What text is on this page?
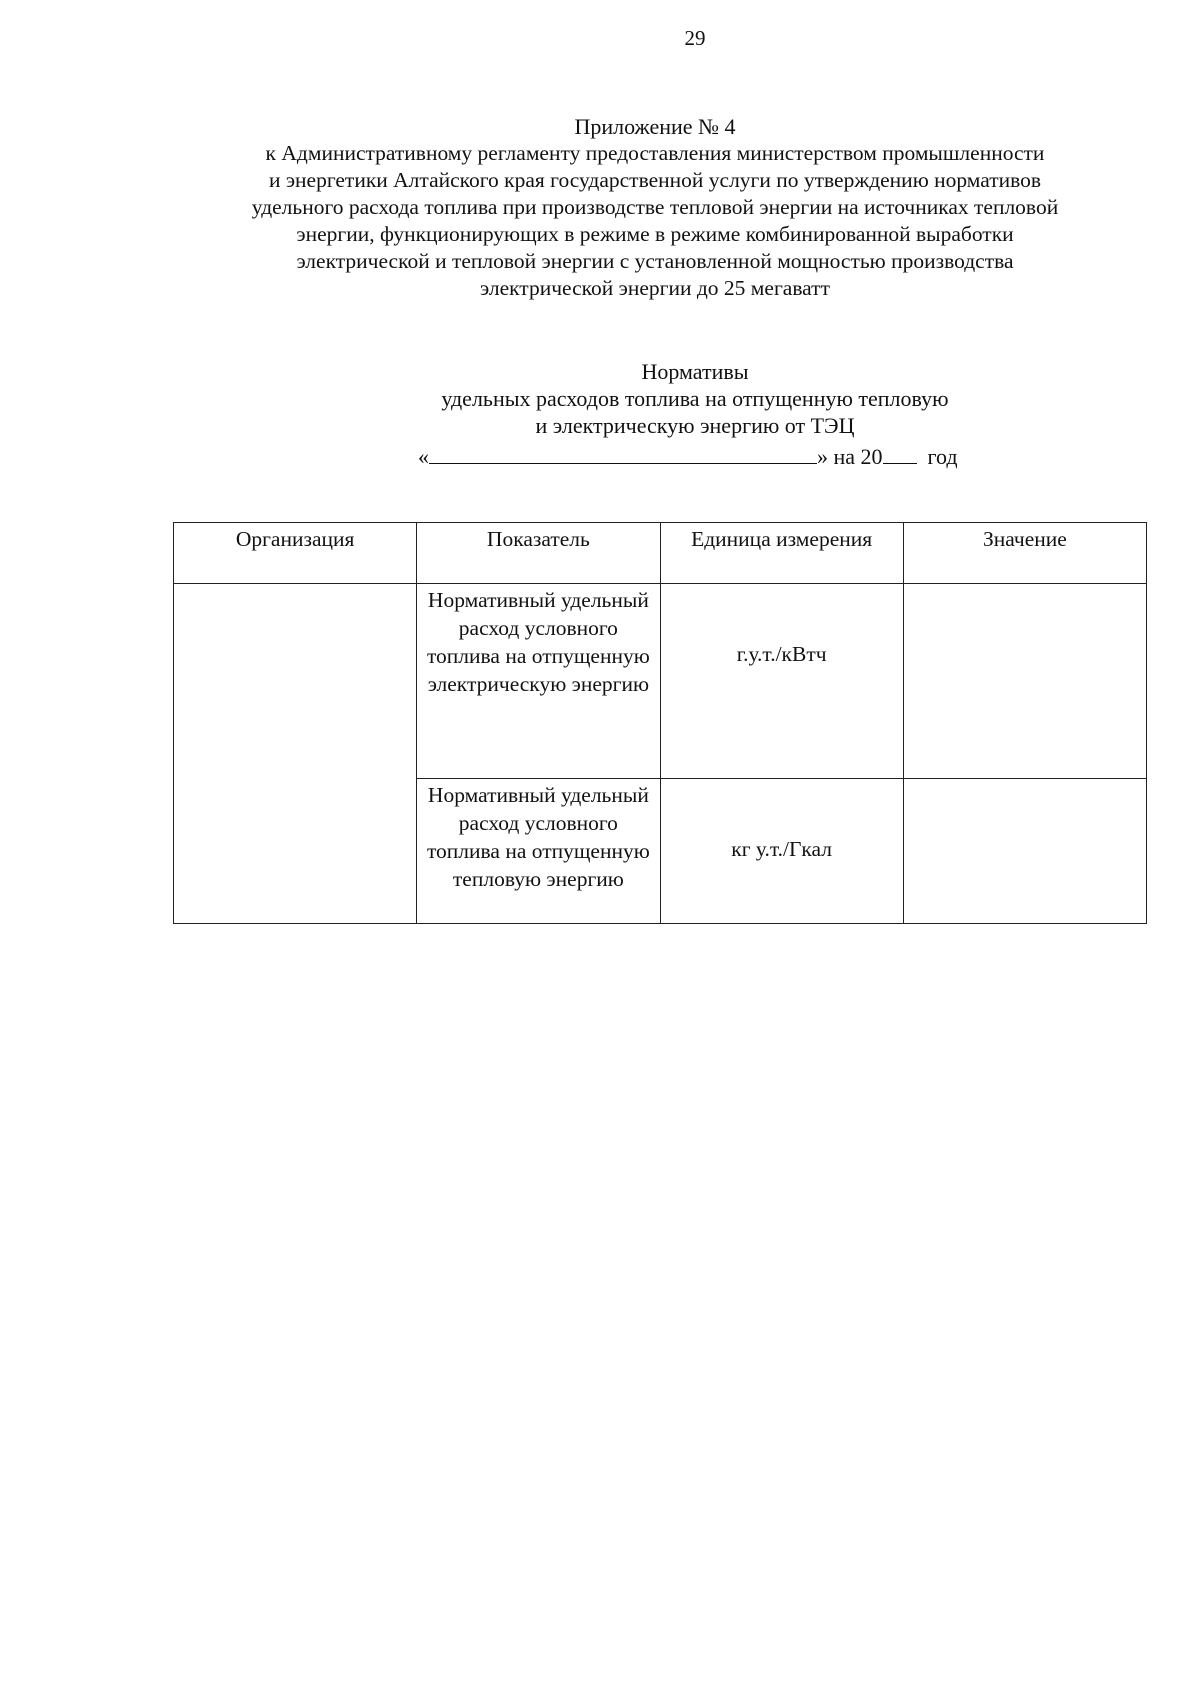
29
Приложение № 4
к Административному регламенту предоставления министерством промышленности
и энергетики Алтайского края государственной услуги по утверждению нормативов
удельного расхода топлива при производстве тепловой энергии на источниках тепловой
энергии, функционирующих в режиме в режиме комбинированной выработки
электрической и тепловой энергии с установленной мощностью производства
электрической энергии до 25 мегаватт
Нормативы
удельных расходов топлива на отпущенную тепловую
и электрическую энергию от ТЭЦ
«	» на 20 год
Организация	Показатель	Единица измерения	Значение
	Нормативный удельный расход условного топлива на отпущенную электрическую энергию	г.у.т./кВтч	

	Нормативный удельный расход условного топлива на отпущенную тепловую энергию	кг у.т./Гкал	
